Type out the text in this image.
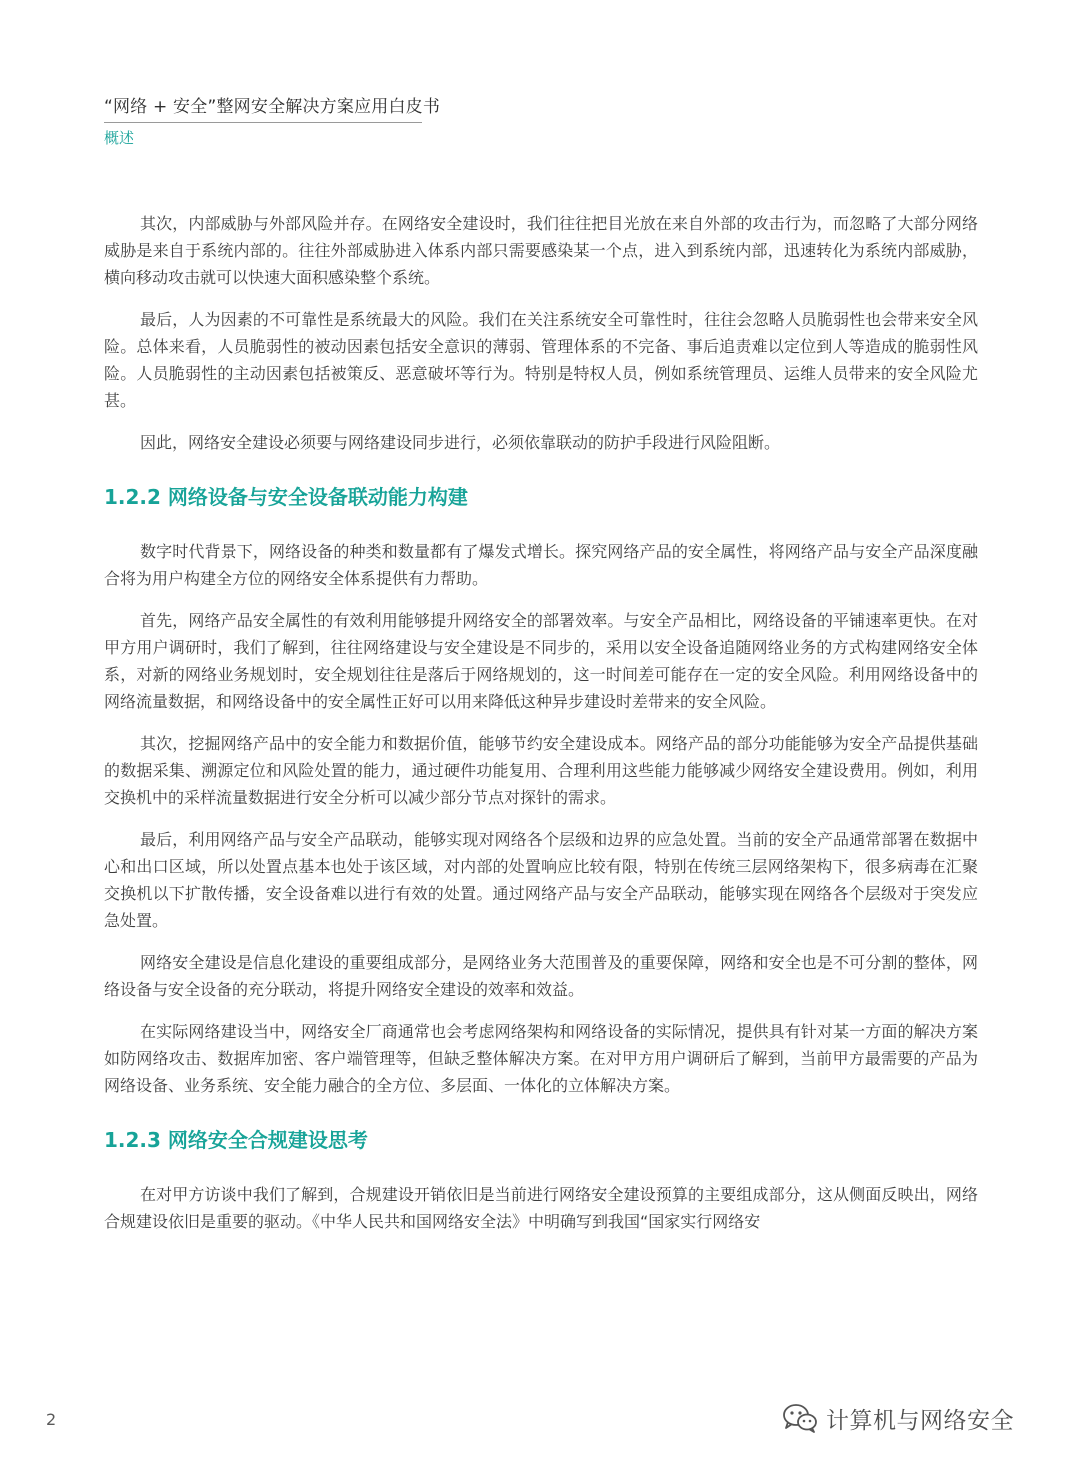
“网络 + 安全”整网安全解决方案应用白皮书
概述

其次，内部威胁与外部风险并存。在网络安全建设时，我们往往把目光放在来自外部的攻击行为，而忽略了大部分网络威胁是来自于系统内部的。往往外部威胁进入体系内部只需要感染某一个点，进入到系统内部，迅速转化为系统内部威胁，横向移动攻击就可以快速大面积感染整个系统。

最后，人为因素的不可靠性是系统最大的风险。我们在关注系统安全可靠性时，往往会忽略人员脆弱性也会带来安全风险。总体来看，人员脆弱性的被动因素包括安全意识的薄弱、管理体系的不完备、事后追责难以定位到人等造成的脆弱性风险。人员脆弱性的主动因素包括被策反、恶意破坏等行为。特别是特权人员，例如系统管理员、运维人员带来的安全风险尤甚。

因此，网络安全建设必须要与网络建设同步进行，必须依靠联动的防护手段进行风险阻断。

1.2.2 网络设备与安全设备联动能力构建

数字时代背景下，网络设备的种类和数量都有了爆发式增长。探究网络产品的安全属性，将网络产品与安全产品深度融合将为用户构建全方位的网络安全体系提供有力帮助。

首先，网络产品安全属性的有效利用能够提升网络安全的部署效率。与安全产品相比，网络设备的平铺速率更快。在对甲方用户调研时，我们了解到，往往网络建设与安全建设是不同步的，采用以安全设备追随网络业务的方式构建网络安全体系，对新的网络业务规划时，安全规划往往是落后于网络规划的，这一时间差可能存在一定的安全风险。利用网络设备中的网络流量数据，和网络设备中的安全属性正好可以用来降低这种异步建设时差带来的安全风险。

其次，挖掘网络产品中的安全能力和数据价值，能够节约安全建设成本。网络产品的部分功能能够为安全产品提供基础的数据采集、溯源定位和风险处置的能力，通过硬件功能复用、合理利用这些能力能够减少网络安全建设费用。例如，利用交换机中的采样流量数据进行安全分析可以减少部分节点对探针的需求。

最后，利用网络产品与安全产品联动，能够实现对网络各个层级和边界的应急处置。当前的安全产品通常部署在数据中心和出口区域，所以处置点基本也处于该区域，对内部的处置响应比较有限，特别在传统三层网络架构下，很多病毒在汇聚交换机以下扩散传播，安全设备难以进行有效的处置。通过网络产品与安全产品联动，能够实现在网络各个层级对于突发应急处置。

网络安全建设是信息化建设的重要组成部分，是网络业务大范围普及的重要保障，网络和安全也是不可分割的整体，网络设备与安全设备的充分联动，将提升网络安全建设的效率和效益。

在实际网络建设当中，网络安全厂商通常也会考虑网络架构和网络设备的实际情况，提供具有针对某一方面的解决方案如防网络攻击、数据库加密、客户端管理等，但缺乏整体解决方案。在对甲方用户调研后了解到，当前甲方最需要的产品为网络设备、业务系统、安全能力融合的全方位、多层面、一体化的立体解决方案。

1.2.3 网络安全合规建设思考

在对甲方访谈中我们了解到，合规建设开销依旧是当前进行网络安全建设预算的主要组成部分，这从侧面反映出，网络合规建设依旧是重要的驱动。《中华人民共和国网络安全法》中明确写到我国“国家实行网络安

2	计算机与网络安全
